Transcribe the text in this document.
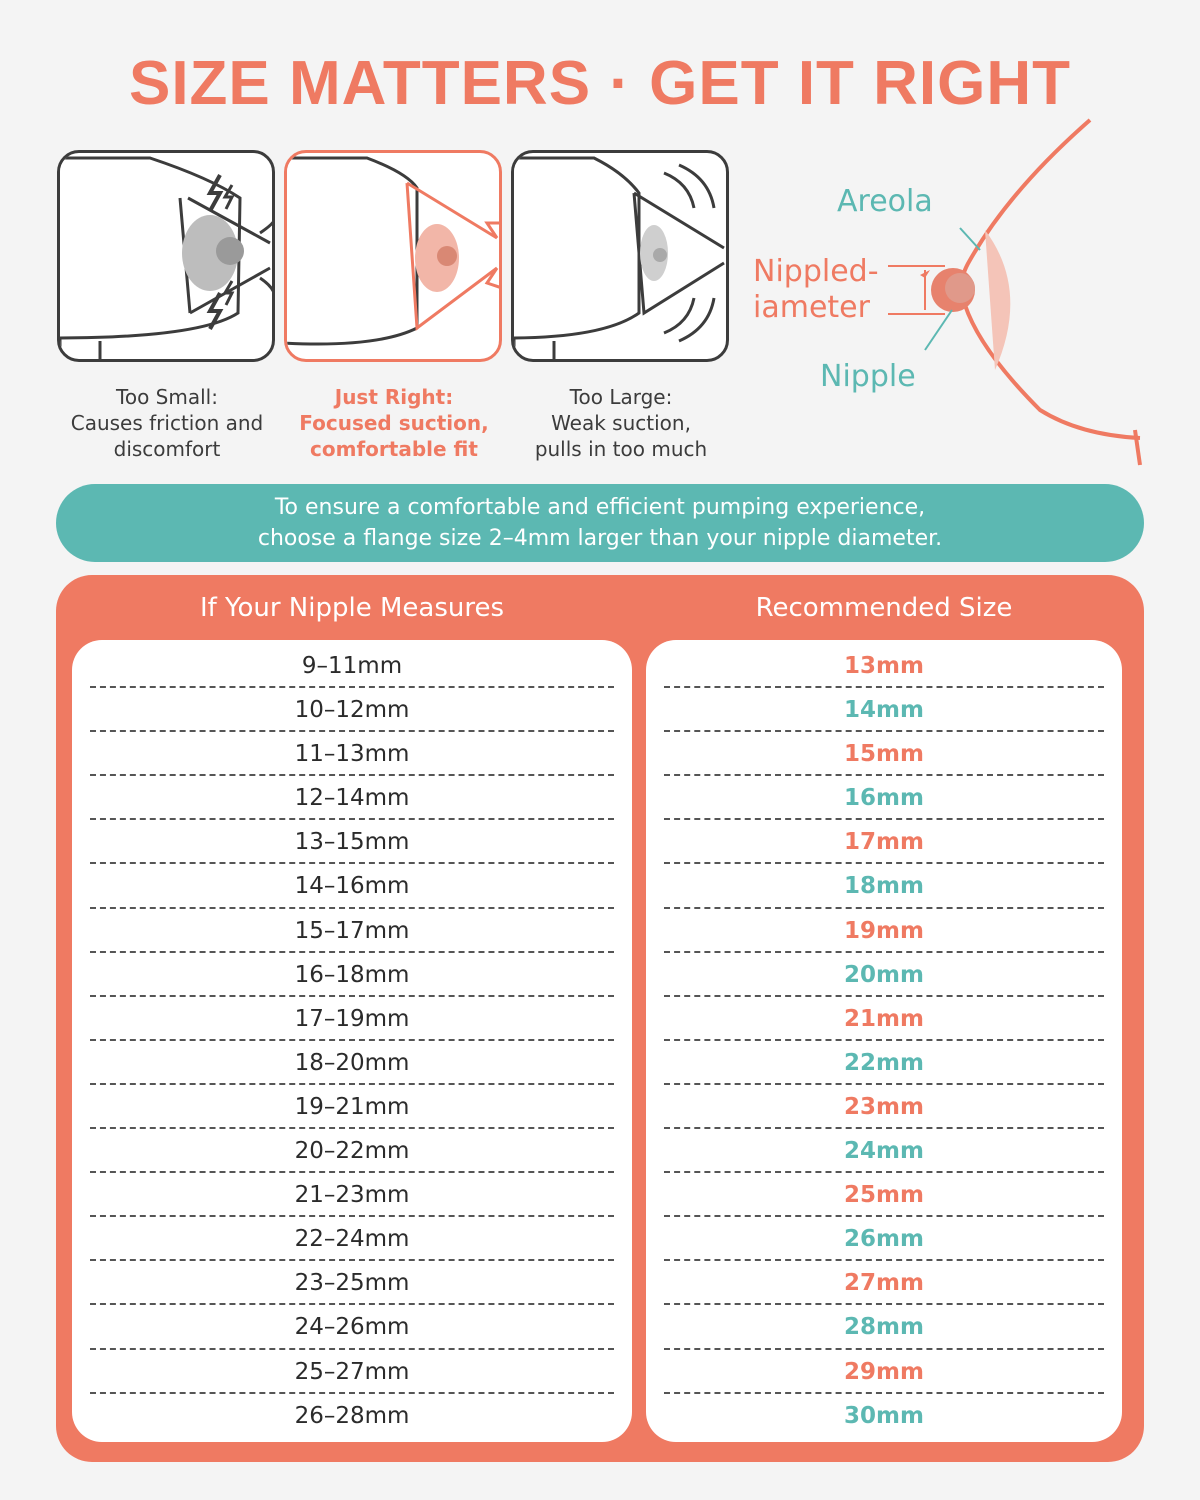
SIZE MATTERS · GET IT RIGHT

Too Small:
Causes friction and
discomfort

Just Right:
Focused suction,
comfortable fit

Too Large:
Weak suction,
pulls in too much

Areola

Nippled-
iameter

Nipple

To ensure a comfortable and efficient pumping experience,
choose a flange size 2–4mm larger than your nipple diameter.

If Your Nipple Measures	Recommended Size

9–11mm
10–12mm
11–13mm
12–14mm
13–15mm
14–16mm
15–17mm
16–18mm
17–19mm
18–20mm
19–21mm
20–22mm
21–23mm
22–24mm
23–25mm
24–26mm
25–27mm
26–28mm
13mm
14mm
15mm
16mm
17mm
18mm
19mm
20mm
21mm
22mm
23mm
24mm
25mm
26mm
27mm
28mm
29mm
30mm
